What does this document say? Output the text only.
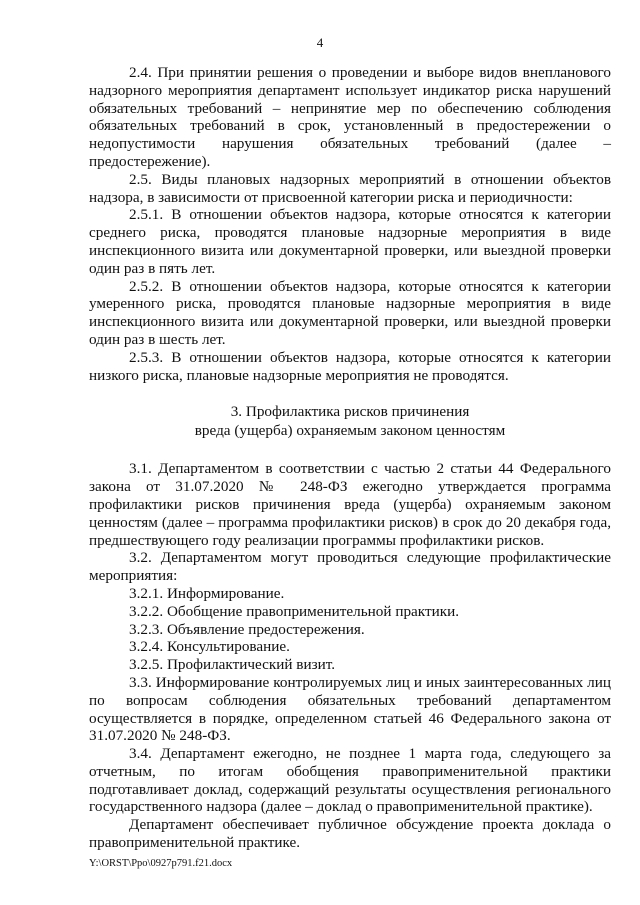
4

2.4. При принятии решения о проведении и выборе видов внепланового надзорного мероприятия департамент использует индикатор риска нарушений обязательных требований – непринятие мер по обеспечению соблюдения обязательных требований в срок, установленный в предостережении о недопустимости нарушения обязательных требований (далее – предостережение).

2.5. Виды плановых надзорных мероприятий в отношении объектов надзора, в зависимости от присвоенной категории риска и периодичности:

2.5.1. В отношении объектов надзора, которые относятся к категории среднего риска, проводятся плановые надзорные мероприятия в виде инспекционного визита или документарной проверки, или выездной проверки один раз в пять лет.

2.5.2. В отношении объектов надзора, которые относятся к категории умеренного риска, проводятся плановые надзорные мероприятия в виде инспекционного визита или документарной проверки, или выездной проверки один раз в шесть лет.

2.5.3. В отношении объектов надзора, которые относятся к категории низкого риска, плановые надзорные мероприятия не проводятся.

3. Профилактика рисков причинения
вреда (ущерба) охраняемым законом ценностям

3.1. Департаментом в соответствии с частью 2 статьи 44 Федерального закона от 31.07.2020 № 248-ФЗ ежегодно утверждается программа профилактики рисков причинения вреда (ущерба) охраняемым законом ценностям (далее – программа профилактики рисков) в срок до 20 декабря года, предшествующего году реализации программы профилактики рисков.

3.2. Департаментом могут проводиться следующие профилактические мероприятия:

3.2.1. Информирование.

3.2.2. Обобщение правоприменительной практики.

3.2.3. Объявление предостережения.

3.2.4. Консультирование.

3.2.5. Профилактический визит.

3.3. Информирование контролируемых лиц и иных заинтересованных лиц по вопросам соблюдения обязательных требований департаментом осуществляется в порядке, определенном статьей 46 Федерального закона от 31.07.2020 № 248-ФЗ.

3.4. Департамент ежегодно, не позднее 1 марта года, следующего за отчетным, по итогам обобщения правоприменительной практики подготавливает доклад, содержащий результаты осуществления регионального государственного надзора (далее – доклад о правоприменительной практике).

Департамент обеспечивает публичное обсуждение проекта доклада о правоприменительной практике.

Y:\ORST\Ppo\0927p791.f21.docx
